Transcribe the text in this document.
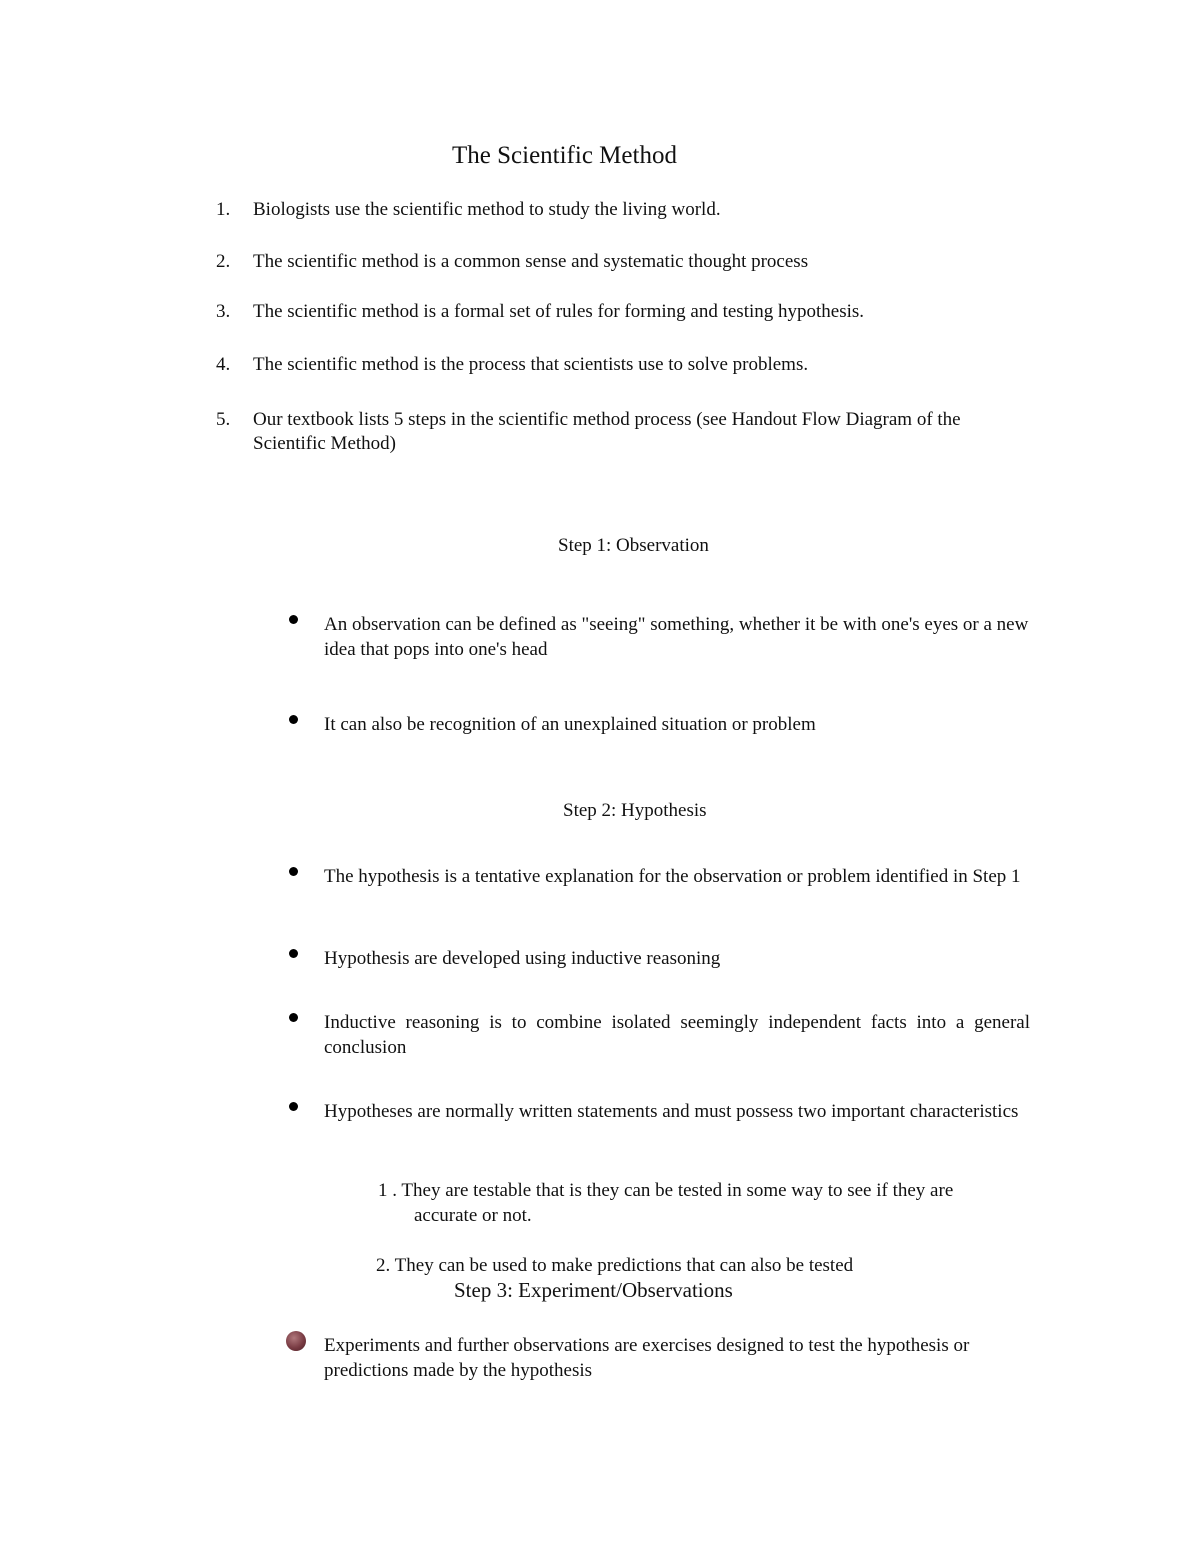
The Scientific Method
1.	Biologists use the scientific method to study the living world.
2.	The scientific method is a common sense and systematic thought process
3.	The scientific method is a formal set of rules for forming and testing hypothesis.
4.	The scientific method is the process that scientists use to solve problems.
5.	Our textbook lists 5 steps in the scientific method process (see Handout Flow Diagram of the Scientific Method)
Step 1: Observation
An observation can be defined as "seeing" something, whether it be with one's eyes or a new idea that pops into one's head
It can also be recognition of an unexplained situation or problem
Step 2: Hypothesis
The hypothesis is a tentative explanation for the observation or problem identified in Step 1
Hypothesis are developed using inductive reasoning
Inductive reasoning is to combine isolated seemingly independent facts into a general conclusion
Hypotheses are normally written statements and must possess two important characteristics
1 . They are testable that is they can be tested in some way to see if they are
accurate or not.
2. They can be used to make predictions that can also be tested
Step 3: Experiment/Observations
Experiments and further observations are exercises designed to test the hypothesis or predictions made by the hypothesis
